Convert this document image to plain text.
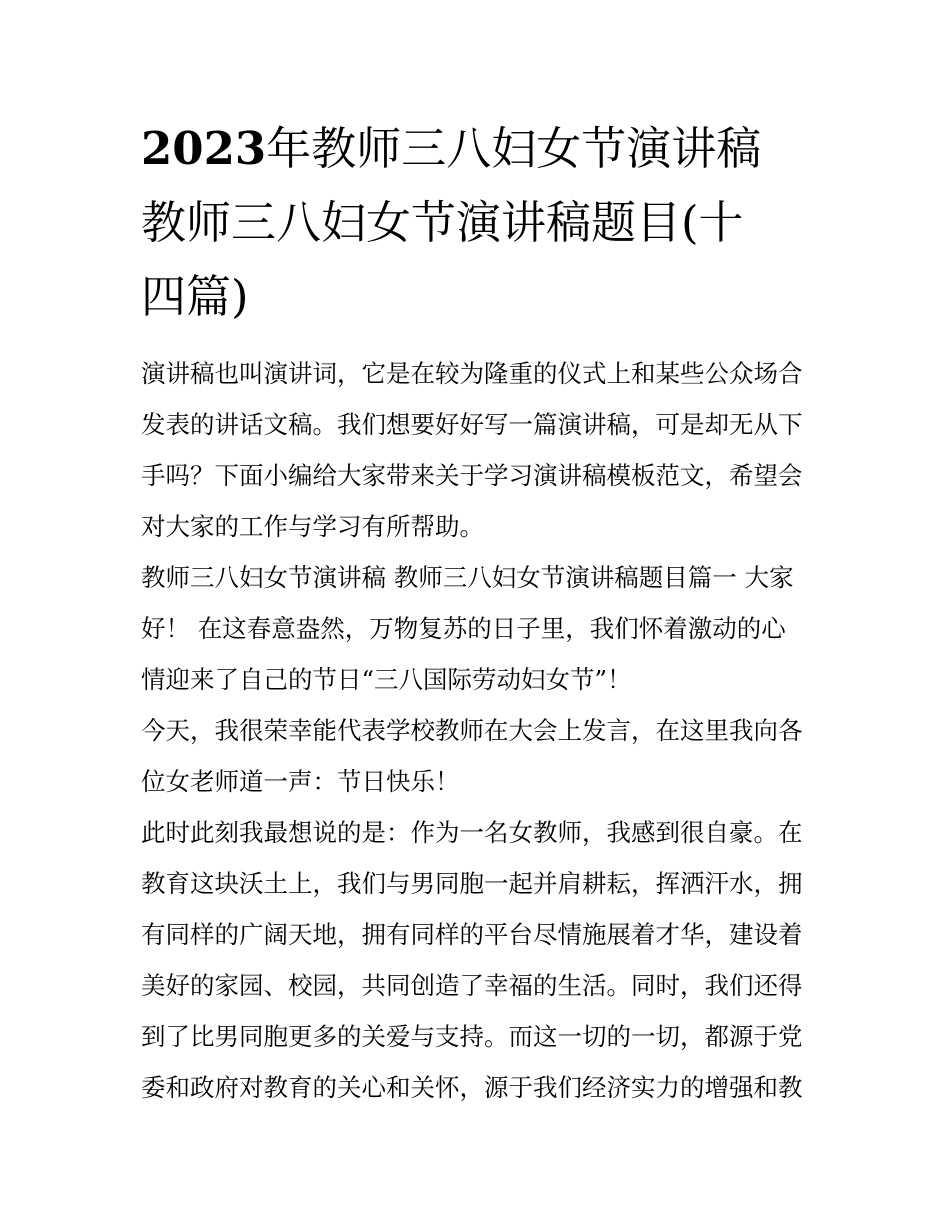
2023年教师三八妇女节演讲稿
教师三八妇女节演讲稿题目(十
四篇)
演讲稿也叫演讲词，它是在较为隆重的仪式上和某些公众场合
发表的讲话文稿。我们想要好好写一篇演讲稿，可是却无从下
手吗？下面小编给大家带来关于学习演讲稿模板范文，希望会
对大家的工作与学习有所帮助。
教师三八妇女节演讲稿 教师三八妇女节演讲稿题目篇一 大家
好！ 在这春意盎然，万物复苏的日子里，我们怀着激动的心
情迎来了自己的节日“三八国际劳动妇女节”！
今天，我很荣幸能代表学校教师在大会上发言，在这里我向各
位女老师道一声：节日快乐！
此时此刻我最想说的是：作为一名女教师，我感到很自豪。在
教育这块沃土上，我们与男同胞一起并肩耕耘，挥洒汗水，拥
有同样的广阔天地，拥有同样的平台尽情施展着才华，建设着
美好的家园、校园，共同创造了幸福的生活。同时，我们还得
到了比男同胞更多的关爱与支持。而这一切的一切，都源于党
委和政府对教育的关心和关怀，源于我们经济实力的增强和教
